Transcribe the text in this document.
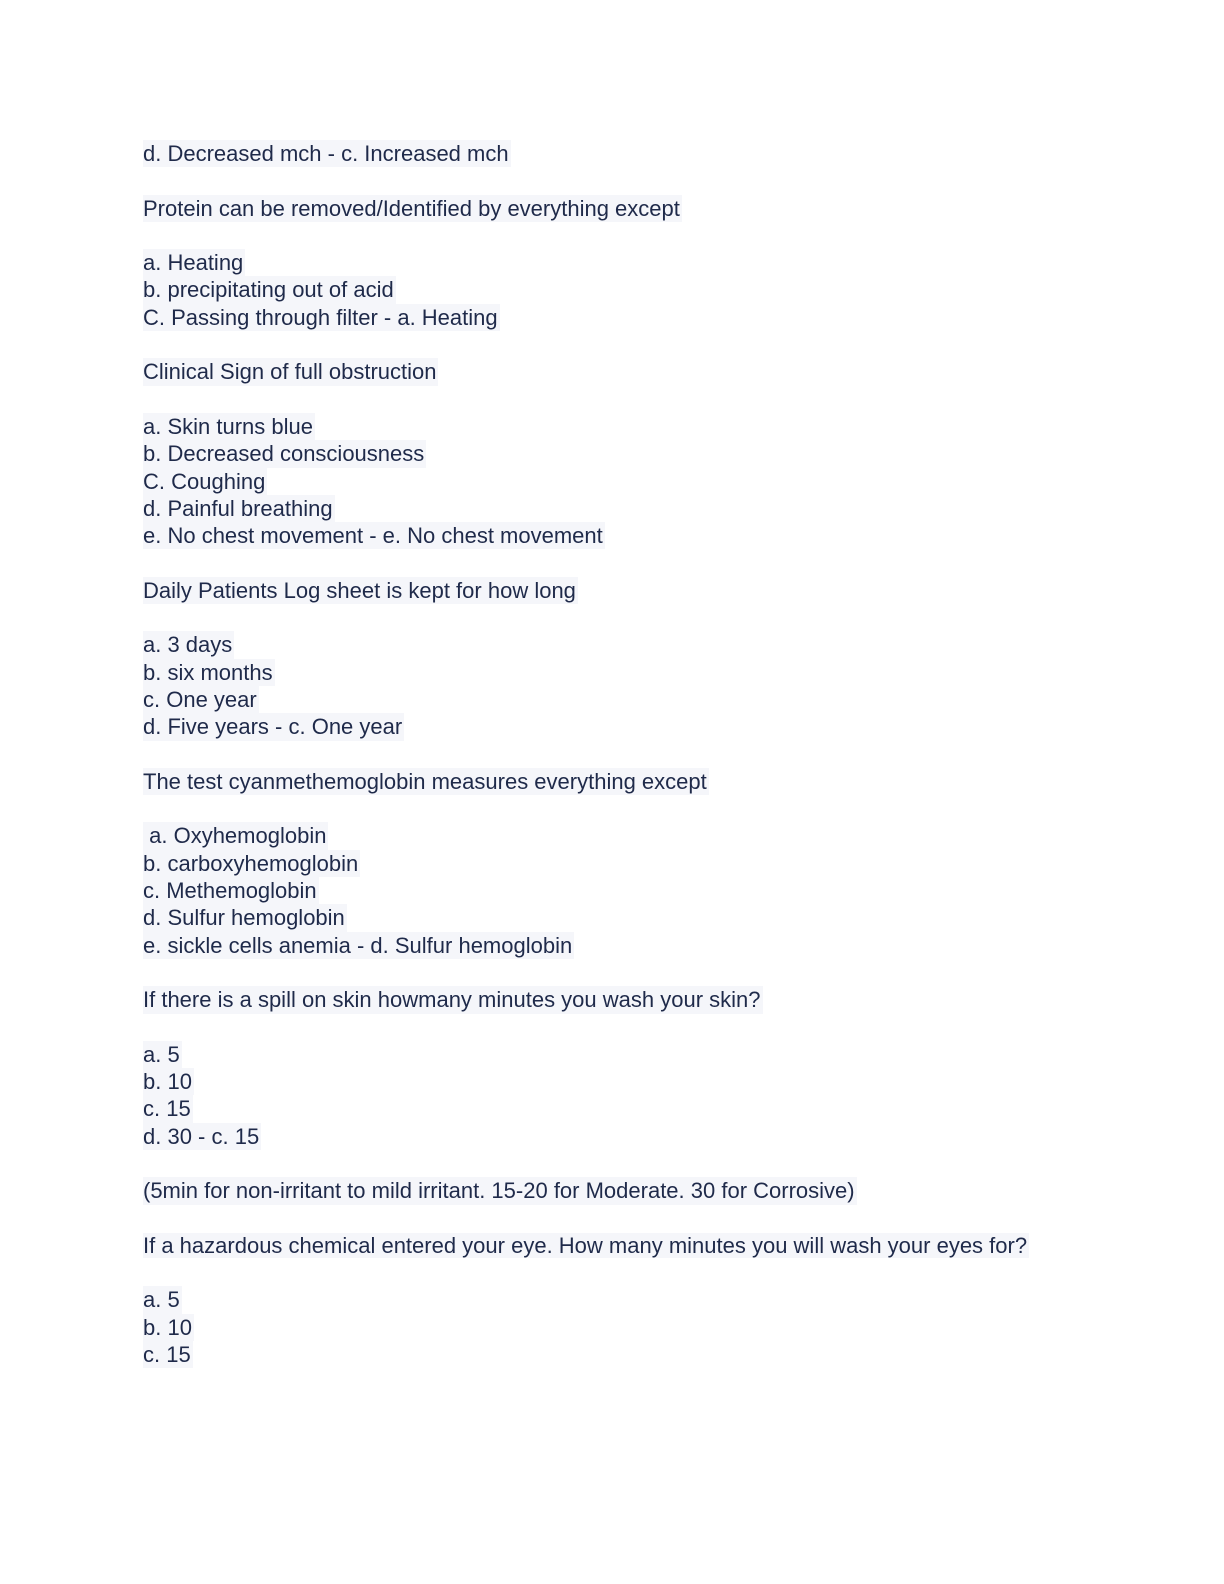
d. Decreased mch - c. Increased mch
Protein can be removed/Identified by everything except
a. Heating
b. precipitating out of acid
C. Passing through filter - a. Heating
Clinical Sign of full obstruction
a. Skin turns blue
b. Decreased consciousness
C. Coughing
d. Painful breathing
e. No chest movement - e. No chest movement
Daily Patients Log sheet is kept for how long
a. 3 days
b. six months
c. One year
d. Five years - c. One year
The test cyanmethemoglobin measures everything except
a. Oxyhemoglobin
b. carboxyhemoglobin
c. Methemoglobin
d. Sulfur hemoglobin
e. sickle cells anemia - d. Sulfur hemoglobin
If there is a spill on skin howmany minutes you wash your skin?
a. 5
b. 10
c. 15
d. 30 - c. 15
(5min for non-irritant to mild irritant. 15-20 for Moderate. 30 for Corrosive)
If a hazardous chemical entered your eye. How many minutes you will wash your eyes for?
a. 5
b. 10
c. 15
